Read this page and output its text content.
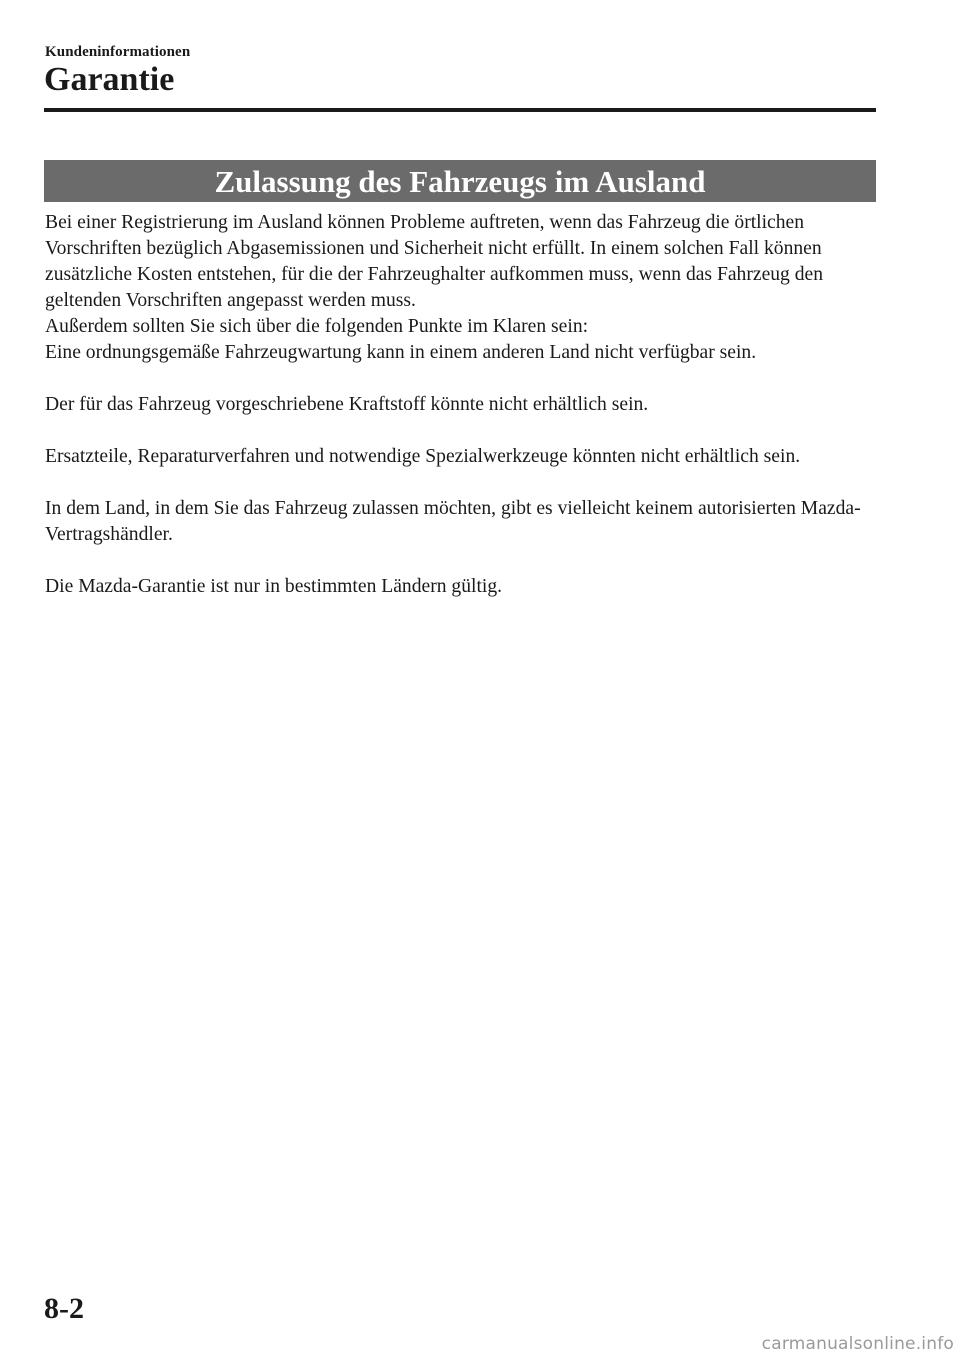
Kundeninformationen
Garantie
Zulassung des Fahrzeugs im Ausland

Bei einer Registrierung im Ausland können Probleme auftreten, wenn das Fahrzeug die örtlichen Vorschriften bezüglich Abgasemissionen und Sicherheit nicht erfüllt. In einem solchen Fall können zusätzliche Kosten entstehen, für die der Fahrzeughalter aufkommen muss, wenn das Fahrzeug den geltenden Vorschriften angepasst werden muss.

Außerdem sollten Sie sich über die folgenden Punkte im Klaren sein:

Eine ordnungsgemäße Fahrzeugwartung kann in einem anderen Land nicht verfügbar sein.

Der für das Fahrzeug vorgeschriebene Kraftstoff könnte nicht erhältlich sein.

Ersatzteile, Reparaturverfahren und notwendige Spezialwerkzeuge könnten nicht erhältlich sein.

In dem Land, in dem Sie das Fahrzeug zulassen möchten, gibt es vielleicht keinem autorisierten Mazda-Vertragshändler.

Die Mazda-Garantie ist nur in bestimmten Ländern gültig.

8-2
carmanualsonline.info
